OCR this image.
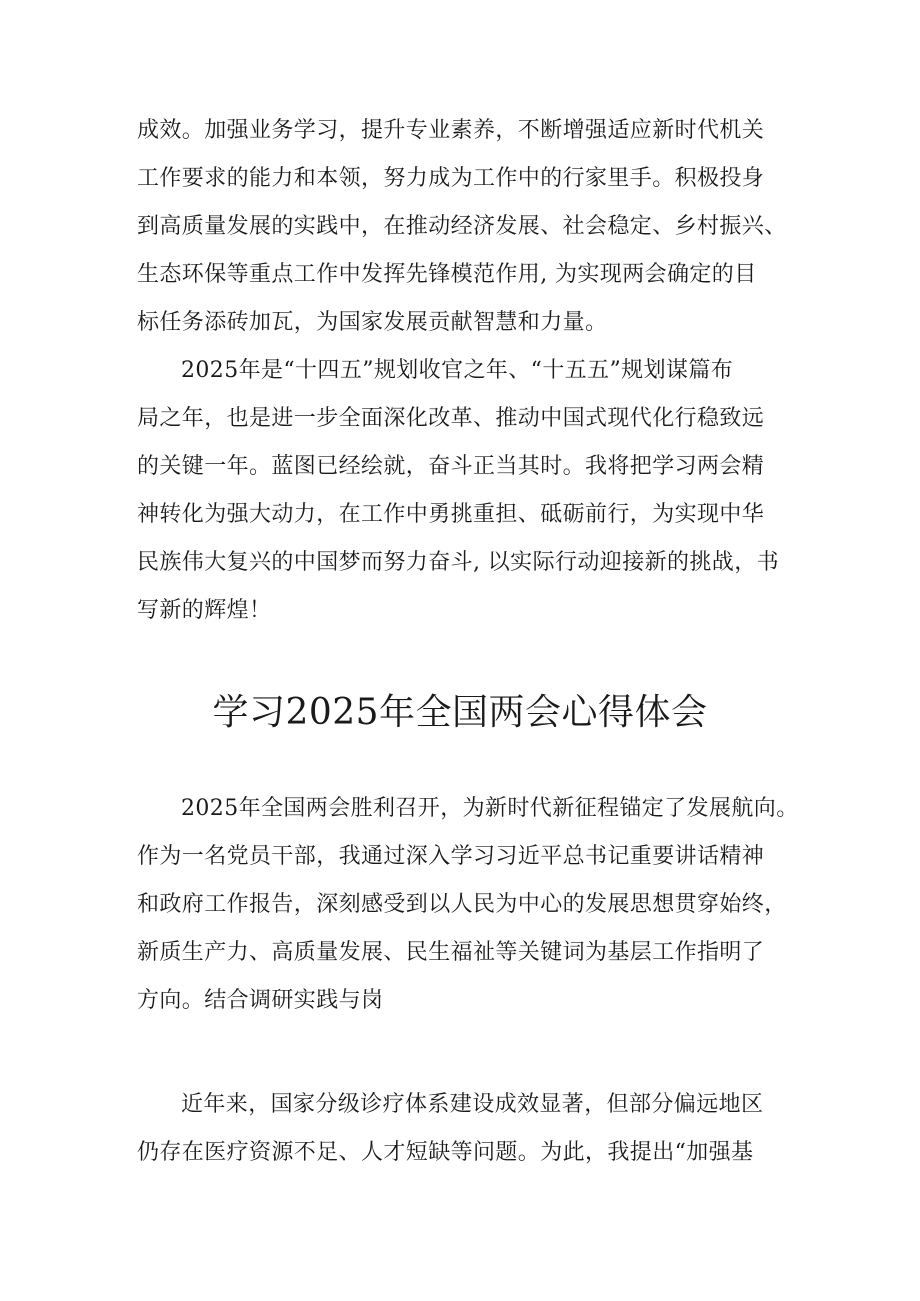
成效。加强业务学习，提升专业素养，不断增强适应新时代机关
工作要求的能力和本领，努力成为工作中的行家里手。积极投身
到高质量发展的实践中，在推动经济发展、社会稳定、乡村振兴、
生态环保等重点工作中发挥先锋模范作用, 为实现两会确定的目
标任务添砖加瓦，为国家发展贡献智慧和力量。
2025年是“十四五”规划收官之年、“十五五”规划谋篇布
局之年，也是进一步全面深化改革、推动中国式现代化行稳致远
的关键一年。蓝图已经绘就，奋斗正当其时。我将把学习两会精
神转化为强大动力，在工作中勇挑重担、砥砺前行，为实现中华
民族伟大复兴的中国梦而努力奋斗, 以实际行动迎接新的挑战，书
写新的辉煌！
学习2025年全国两会心得体会
2025年全国两会胜利召开，为新时代新征程锚定了发展航向。
作为一名党员干部，我通过深入学习习近平总书记重要讲话精神
和政府工作报告，深刻感受到以人民为中心的发展思想贯穿始终，
新质生产力、高质量发展、民生福祉等关键词为基层工作指明了
方向。结合调研实践与岗
近年来，国家分级诊疗体系建设成效显著，但部分偏远地区
仍存在医疗资源不足、人才短缺等问题。为此，我提出“加强基
